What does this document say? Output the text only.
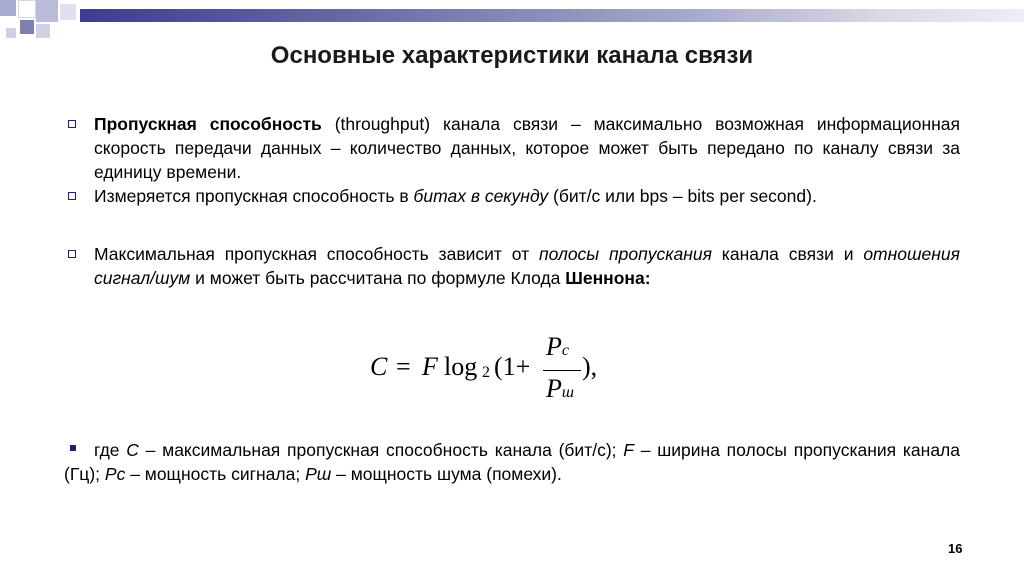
Основные характеристики канала связи

Пропускная способность (throughput) канала связи – максимально возможная информационная скорость передачи данных – количество данных, которое может быть передано по каналу связи за единицу времени.

Измеряется пропускная способность в битах в секунду (бит/с или bps – bits per second).

Максимальная пропускная способность зависит от полосы пропускания канала связи и отношения сигнал/шум и может быть рассчитана по формуле Клода Шеннона:

C = F log 2 (1+
Pc
Pш
),

где C – максимальная пропускная способность канала (бит/с); F – ширина полосы пропускания канала (Гц); Pc – мощность сигнала; Pш – мощность шума (помехи).

16
